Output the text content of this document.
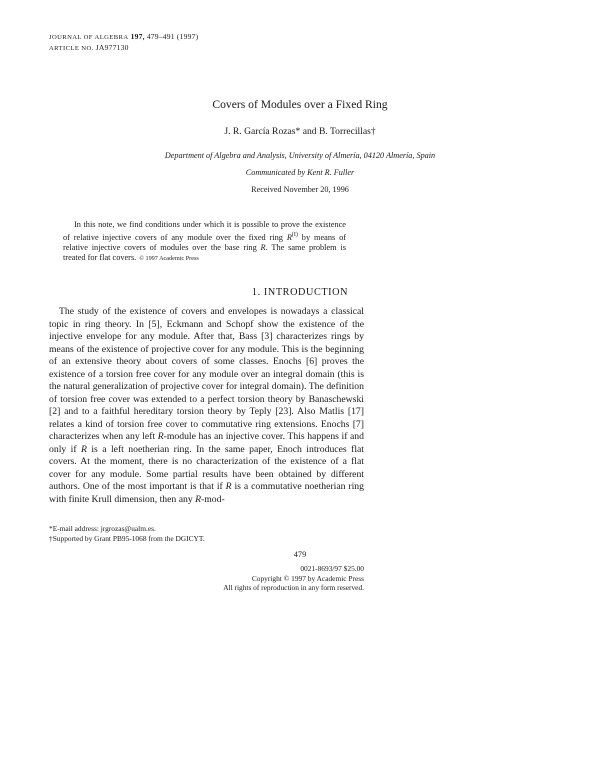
JOURNAL OF ALGEBRA 197, 479–491 (1997)
ARTICLE NO. JA977130
Covers of Modules over a Fixed Ring
J. R. García Rozas* and B. Torrecillas†
Department of Algebra and Analysis, University of Almería, 04120 Almería, Spain
Communicated by Kent R. Fuller
Received November 20, 1996
In this note, we find conditions under which it is possible to prove the existence of relative injective covers of any module over the fixed ring $R^{(I)}$ by means of relative injective covers of modules over the base ring R. The same problem is treated for flat covers. © 1997 Academic Press
1. INTRODUCTION
The study of the existence of covers and envelopes is nowadays a classical topic in ring theory. In [5], Eckmann and Schopf show the existence of the injective envelope for any module. After that, Bass [3] characterizes rings by means of the existence of projective cover for any module. This is the beginning of an extensive theory about covers of some classes. Enochs [6] proves the existence of a torsion free cover for any module over an integral domain (this is the natural generalization of projective cover for integral domain). The definition of torsion free cover was extended to a perfect torsion theory by Banaschewski [2] and to a faithful hereditary torsion theory by Teply [23]. Also Matlis [17] relates a kind of torsion free cover to commutative ring extensions. Enochs [7] characterizes when any left R-module has an injective cover. This happens if and only if R is a left noetherian ring. In the same paper, Enoch introduces flat covers. At the moment, there is no characterization of the existence of a flat cover for any module. Some partial results have been obtained by different authors. One of the most important is that if R is a commutative noetherian ring with finite Krull dimension, then any R-mod-
*E-mail address: jrgrozas@ualm.es.
†Supported by Grant PB95-1068 from the DGICYT.
479
0021-8693/97 $25.00
Copyright © 1997 by Academic Press
All rights of reproduction in any form reserved.
